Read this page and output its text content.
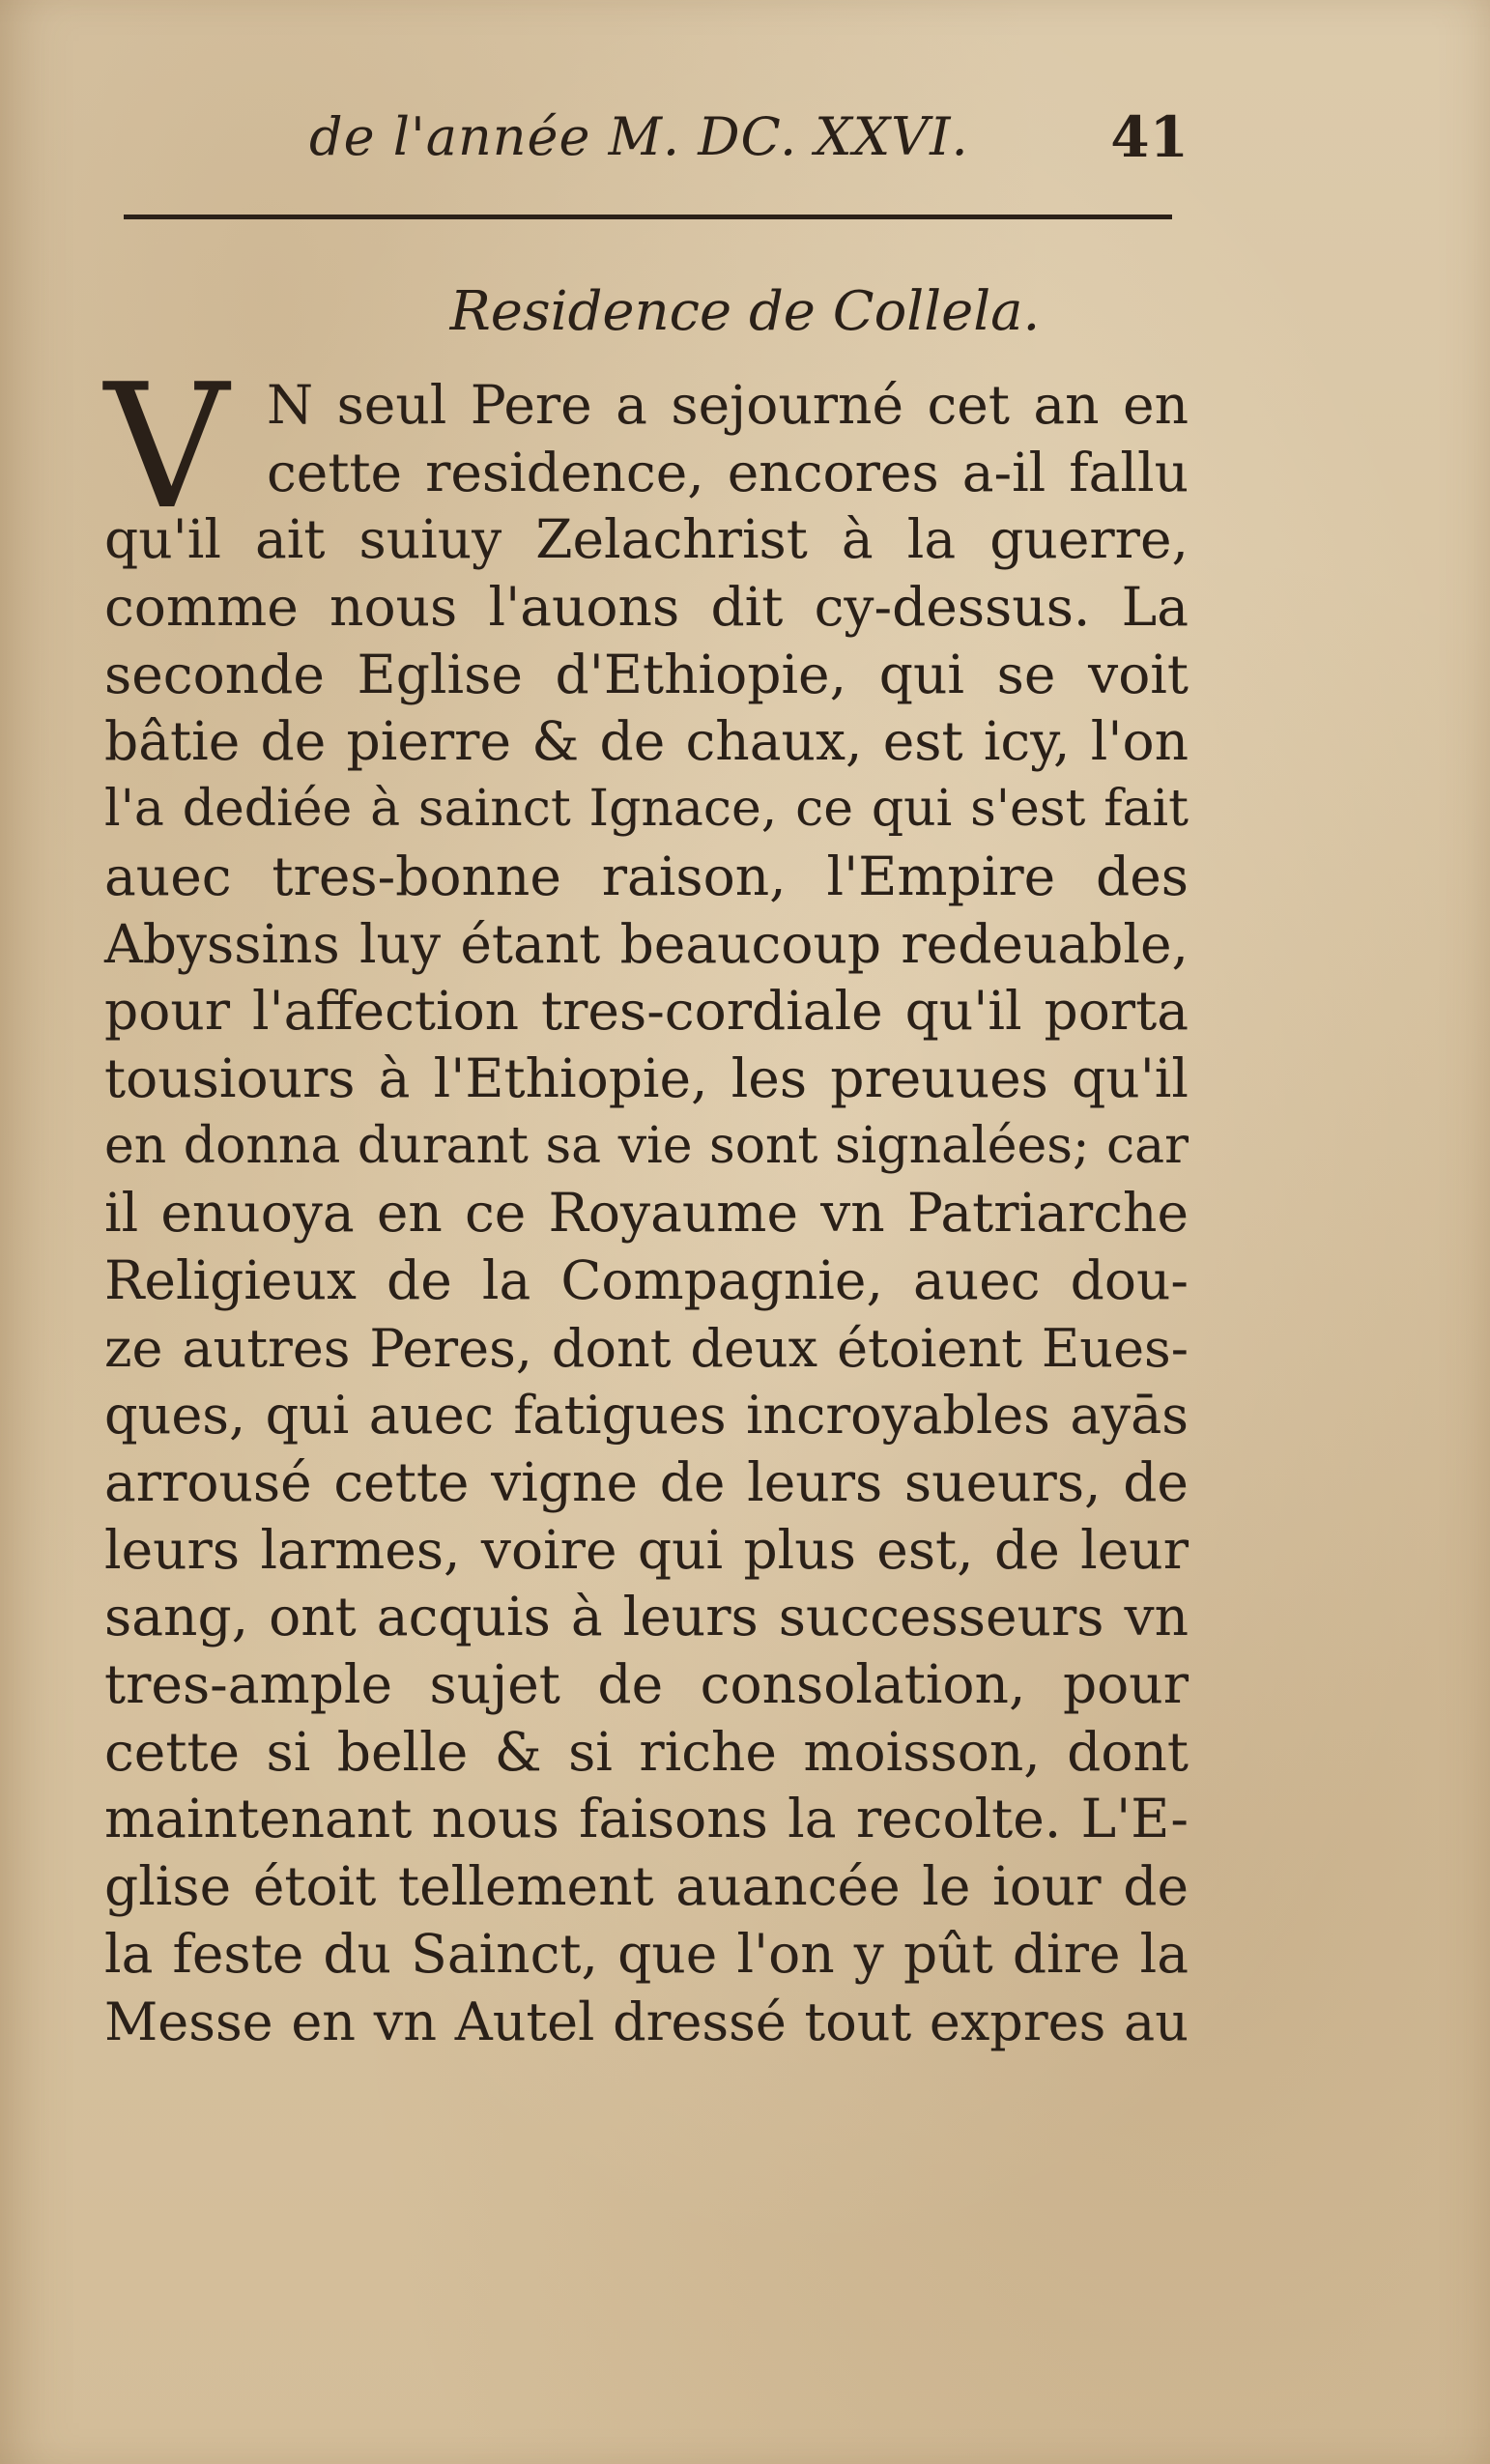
de l'année M. DC. XXVI.	41
Residence de Collela.
V N seul Pere a sejourné cet an en
cette residence, encores a-il fallu
qu'il ait suiuy Zelachrist à la guerre,
comme nous l'auons dit cy-dessus. La
seconde Eglise d'Ethiopie, qui se voit
bâtie de pierre & de chaux, est icy, l'on
l'a dediée à sainct Ignace, ce qui s'est fait
auec tres-bonne raison, l'Empire des
Abyssins luy étant beaucoup redeuable,
pour l'affection tres-cordiale qu'il porta
tousiours à l'Ethiopie, les preuues qu'il
en donna durant sa vie sont signalées; car
il enuoya en ce Royaume vn Patriarche
Religieux de la Compagnie, auec dou-
ze autres Peres, dont deux étoient Eues-
ques, qui auec fatigues incroyables ayās
arrousé cette vigne de leurs sueurs, de
leurs larmes, voire qui plus est, de leur
sang, ont acquis à leurs successeurs vn
tres-ample sujet de consolation, pour
cette si belle & si riche moisson, dont
maintenant nous faisons la recolte. L'E-
glise étoit tellement auancée le iour de
la feste du Sainct, que l'on y pût dire la
Messe en vn Autel dressé tout expres au
